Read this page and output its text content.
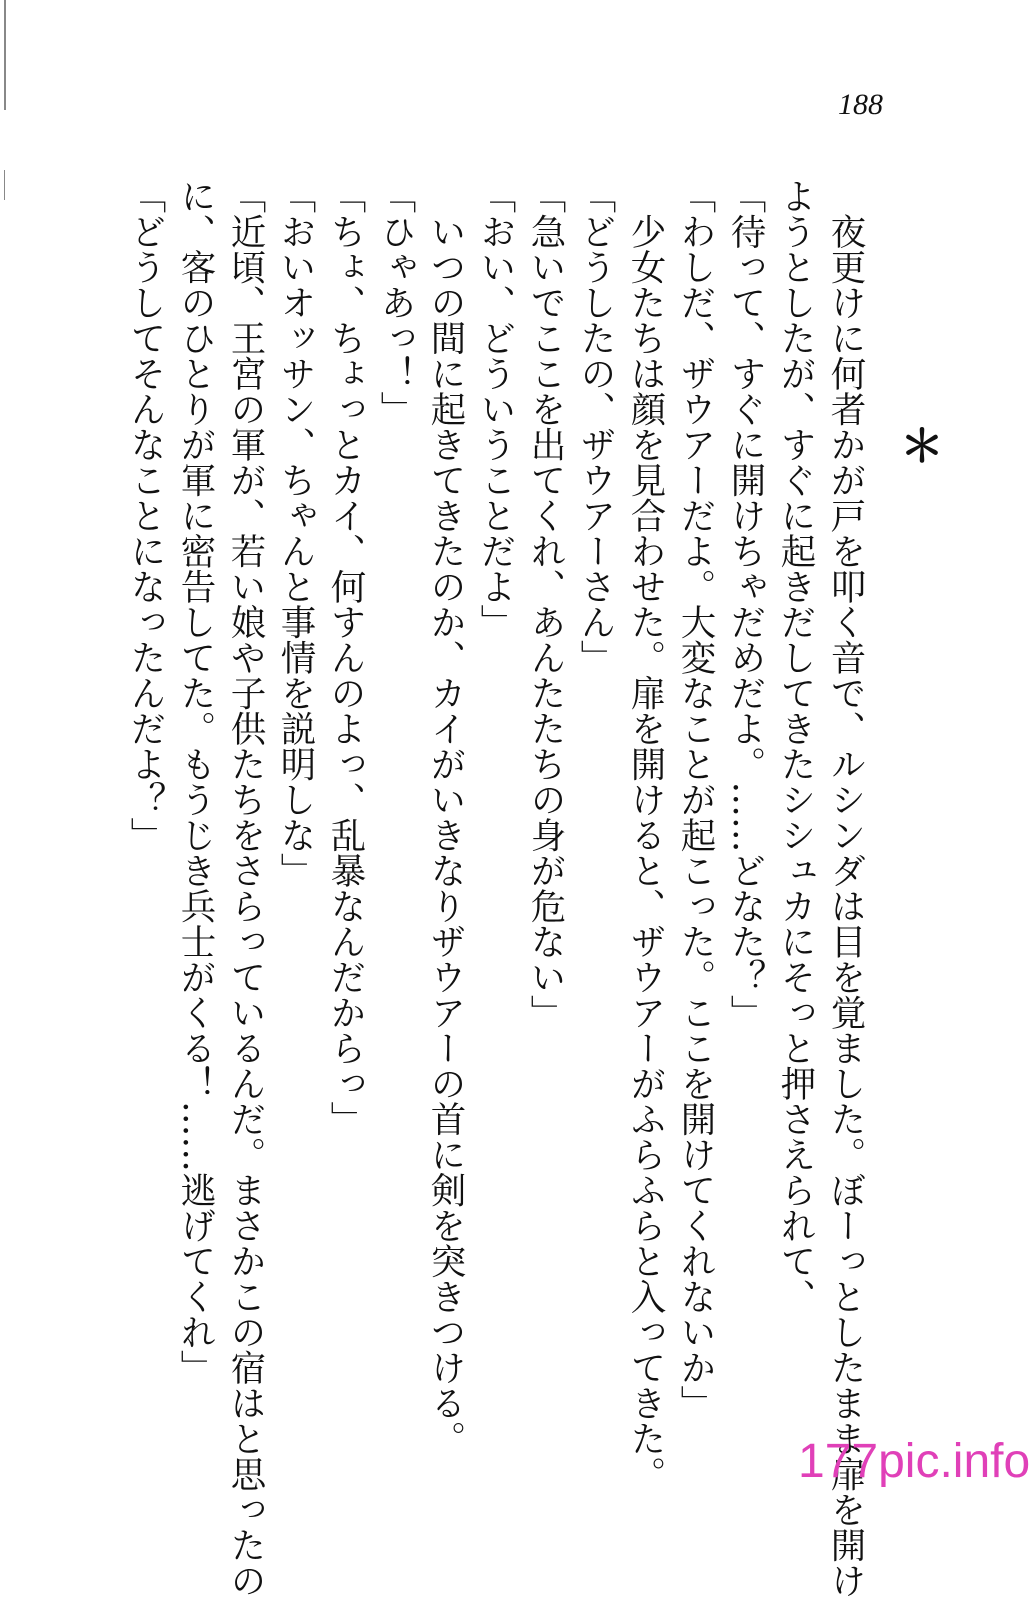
188
＊
　夜更けに何者かが戸を叩く音で、ルシンダは目を覚ました。ぼーっとしたまま扉を開け
ようとしたが、すぐに起きだしてきたシシュカにそっと押さえられて、
「待って、すぐに開けちゃだめだよ。……どなた？」
「わしだ、ザウアーだよ。大変なことが起こった。ここを開けてくれないか」
　少女たちは顔を見合わせた。扉を開けると、ザウアーがふらふらと入ってきた。
「どうしたの、ザウアーさん」
「急いでここを出てくれ、あんたたちの身が危ない」
「おい、どういうことだよ」
　いつの間に起きてきたのか、カイがいきなりザウアーの首に剣を突きつける。
「ひゃあっ！」
「ちょ、ちょっとカイ、何すんのよっ、乱暴なんだからっ」
「おいオッサン、ちゃんと事情を説明しな」
「近頃、王宮の軍が、若い娘や子供たちをさらっているんだ。まさかこの宿はと思ったの
に、客のひとりが軍に密告してた。もうじき兵士がくる！……逃げてくれ」
「どうしてそんなことになったんだよ？」
177pic.info
